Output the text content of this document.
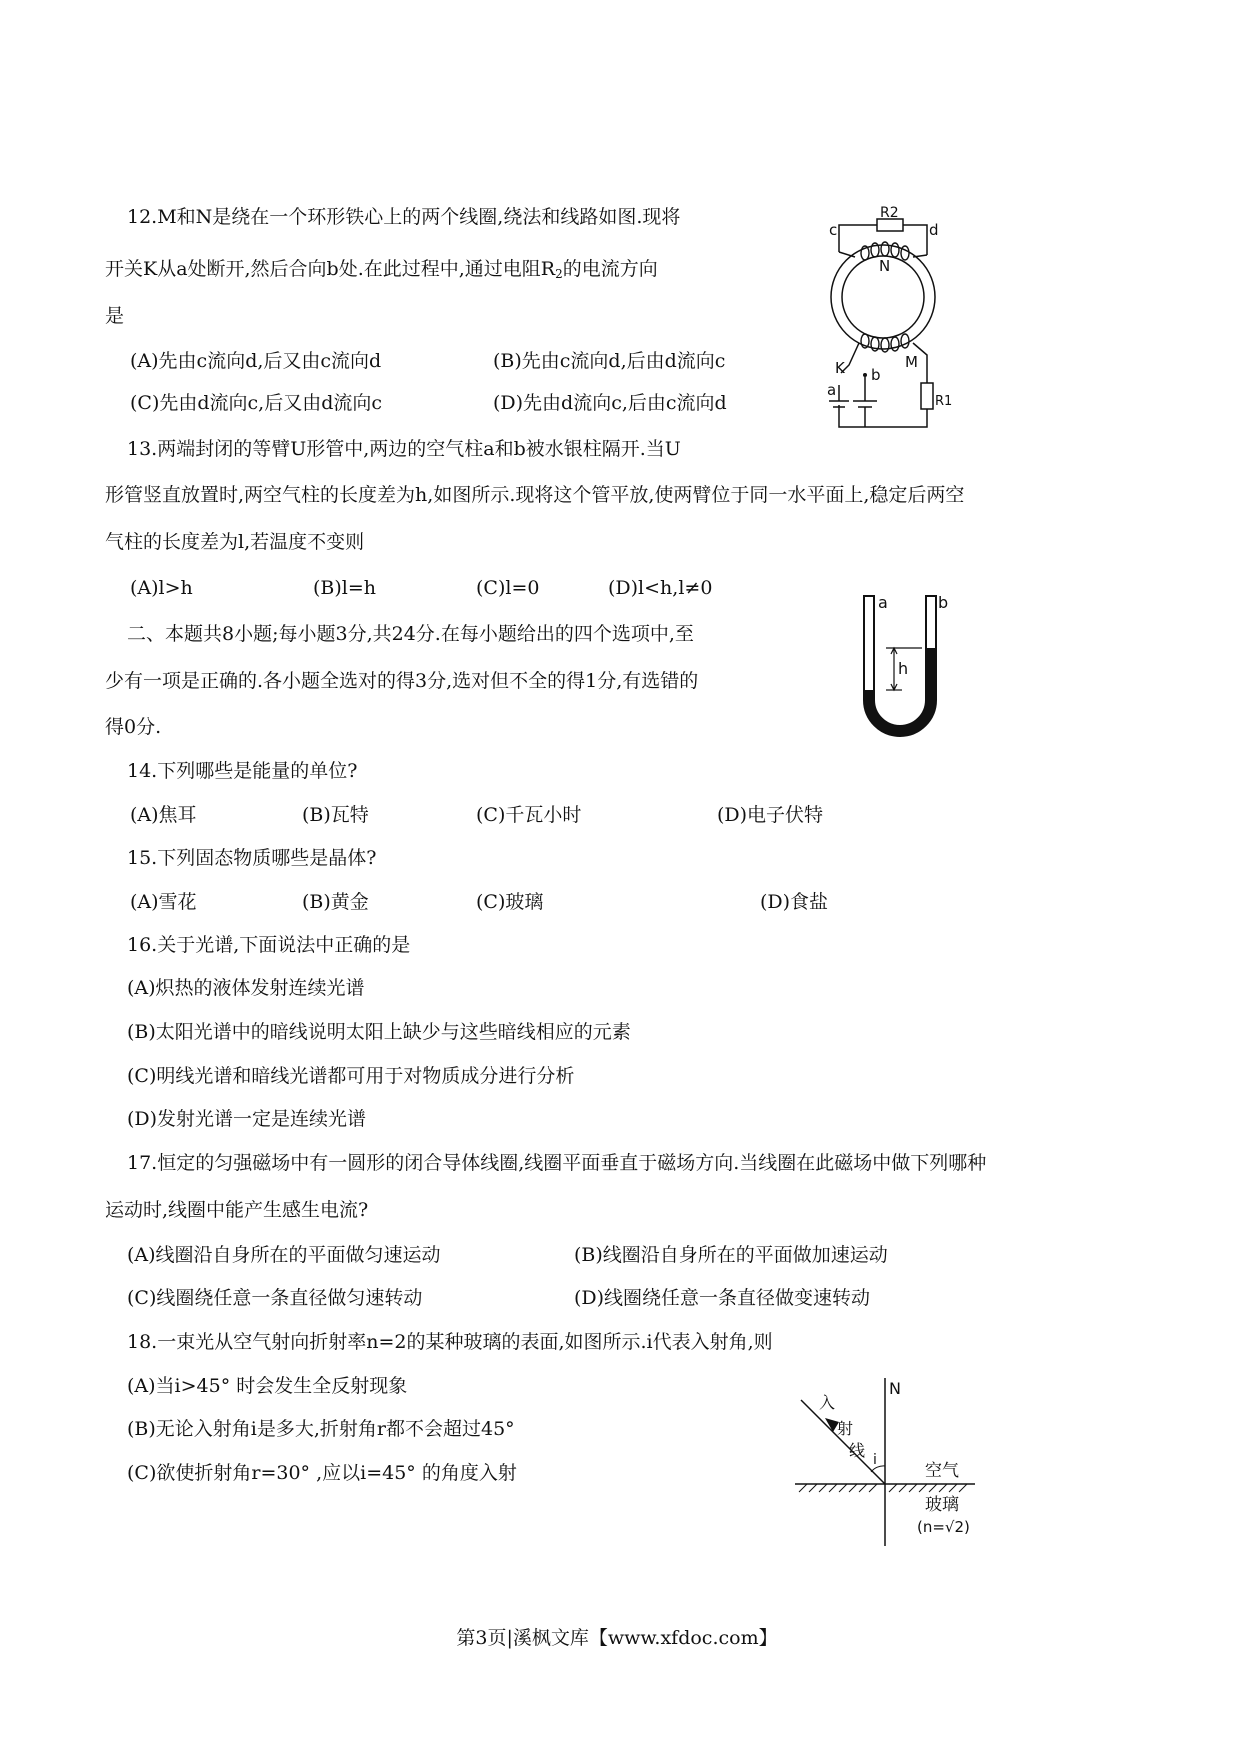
12.M和N是绕在一个环形铁心上的两个线圈,绕法和线路如图.现将
开关K从a处断开,然后合向b处.在此过程中,通过电阻$R_2$的电流方向
是
(A)先由c流向d,后又由c流向d	(B)先由c流向d,后由d流向c
(C)先由d流向c,后又由d流向c	(D)先由d流向c,后由c流向d
R2
c	d
N
M
K b
R1
a
13.两端封闭的等臂U形管中,两边的空气柱a和b被水银柱隔开.当U
形管竖直放置时,两空气柱的长度差为h,如图所示.现将这个管平放,使两臂位于同一水平面上,稳定后两空
气柱的长度差为l,若温度不变则
(A)l>h	(B)l=h	(C)l=0	(D)l<h,l≠0
a	b
h
二、本题共8小题;每小题3分,共24分.在每小题给出的四个选项中,至
少有一项是正确的.各小题全选对的得3分,选对但不全的得1分,有选错的
得0分.
14.下列哪些是能量的单位?
(A)焦耳	(B)瓦特	(C)千瓦小时	(D)电子伏特
15.下列固态物质哪些是晶体?
(A)雪花	(B)黄金	(C)玻璃	(D)食盐
16.关于光谱,下面说法中正确的是
(A)炽热的液体发射连续光谱
(B)太阳光谱中的暗线说明太阳上缺少与这些暗线相应的元素
(C)明线光谱和暗线光谱都可用于对物质成分进行分析
(D)发射光谱一定是连续光谱
17.恒定的匀强磁场中有一圆形的闭合导体线圈,线圈平面垂直于磁场方向.当线圈在此磁场中做下列哪种
运动时,线圈中能产生感生电流?
(A)线圈沿自身所在的平面做匀速运动	(B)线圈沿自身所在的平面做加速运动
(C)线圈绕任意一条直径做匀速转动	(D)线圈绕任意一条直径做变速转动
18.一束光从空气射向折射率n=2的某种玻璃的表面,如图所示.i代表入射角,则
(A)当i>45° 时会发生全反射现象
(B)无论入射角i是多大,折射角r都不会超过45°
(C)欲使折射角r=30° ,应以i=45° 的角度入射
N
入
射
线 i
空气
玻璃
(n=√2)
第3页|溪枫文库【www.xfdoc.com】
